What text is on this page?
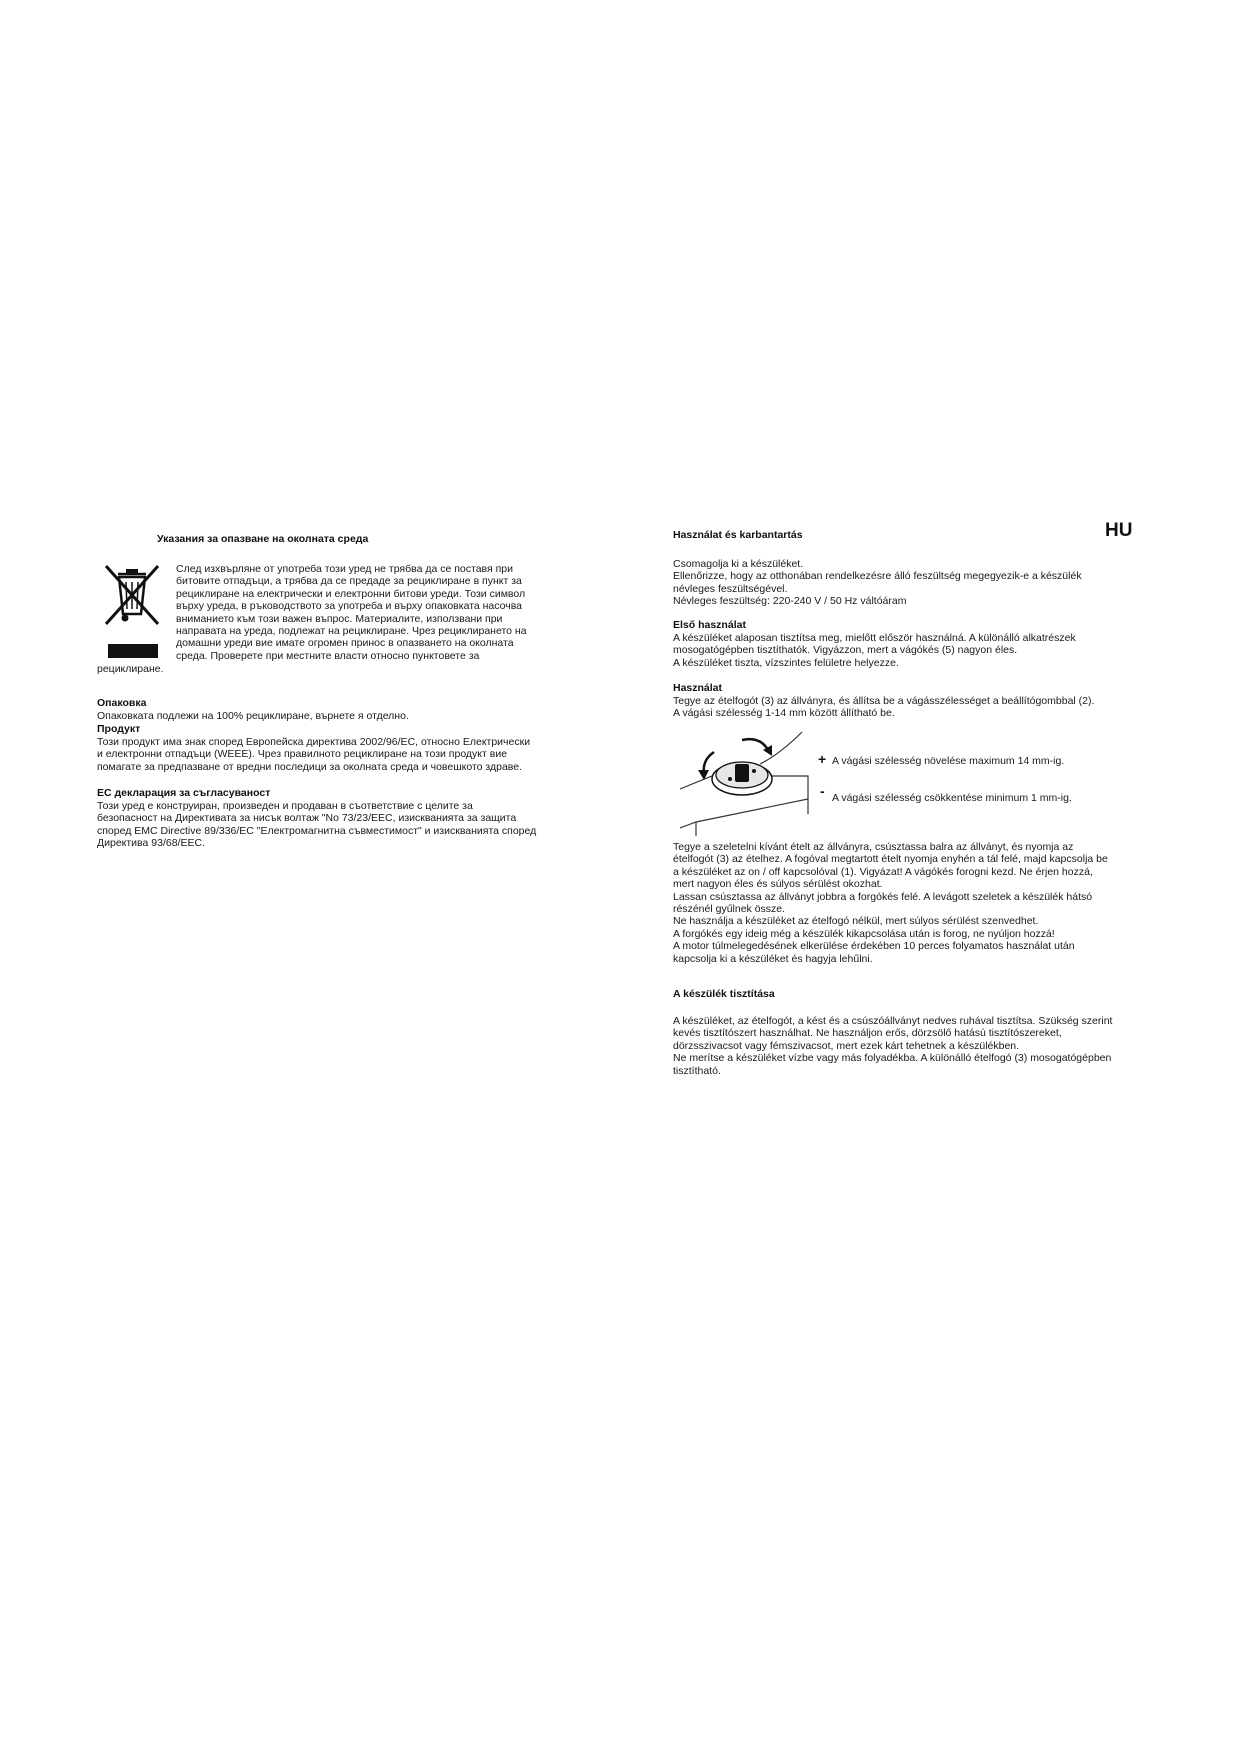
Указания за опазване на околната среда

След изхвърляне от употреба този уред не трябва да се поставя при
битовите отпадъци, а трябва да се предаде за рециклиране в пункт за
рециклиране на електрически и електронни битови уреди. Този символ
върху уреда, в ръководството за употреба и върху опаковката насочва
вниманието към този важен въпрос. Материалите, използвани при
направата на уреда, подлежат на рециклиране. Чрез рециклирането на
домашни уреди вие имате огромен принос в опазването на околната
среда. Проверете при местните власти относно пунктовете за

рециклиране.

Опаковка

Опаковката подлежи на 100% рециклиране, върнете я отделно.

Продукт

Този продукт има знак според Европейска директива 2002/96/EC, относно Електрически
и електронни отпадъци (WEEE). Чрез правилното рециклиране на този продукт вие
помагате за предпазване от вредни последици за околната среда и човешкото здраве.

ЕС декларация за съгласуваност

Този уред е конструиран, произведен и продаван в съответствие с целите за
безопасност на Директивата за нисък волтаж "No 73/23/EEC, изискванията за защита
според EMC Directive 89/336/EC "Електромагнитна съвместимост" и изискванията според
Директива 93/68/EEC.

Használat és karbantartás	HU

Csomagolja ki a készüléket.
Ellenőrizze, hogy az otthonában rendelkezésre álló feszültség megegyezik-e a készülék
névleges feszültségével.
Névleges feszültség: 220-240 V / 50 Hz váltóáram

Első használat

A készüléket alaposan tisztítsa meg, mielőtt először használná. A különálló alkatrészek
mosogatógépben tisztíthatók. Vigyázzon, mert a vágókés (5) nagyon éles.
A készüléket tiszta, vízszintes felületre helyezze.

Használat

Tegye az ételfogót (3) az állványra, és állítsa be a vágásszélességet a beállítógombbal (2).
A vágási szélesség 1-14 mm között állítható be.

+ A vágási szélesség növelése maximum 14 mm-ig.

- A vágási szélesség csökkentése minimum 1 mm-ig.

Tegye a szeletelni kívánt ételt az állványra, csúsztassa balra az állványt, és nyomja az
ételfogót (3) az ételhez. A fogóval megtartott ételt nyomja enyhén a tál felé, majd kapcsolja be
a készüléket az on / off kapcsolóval (1). Vigyázat! A vágókés forogni kezd. Ne érjen hozzá,
mert nagyon éles és súlyos sérülést okozhat.
Lassan csúsztassa az állványt jobbra a forgókés felé. A levágott szeletek a készülék hátsó
részénél gyűlnek össze.
Ne használja a készüléket az ételfogó nélkül, mert súlyos sérülést szenvedhet.
A forgókés egy ideig még a készülék kikapcsolása után is forog, ne nyúljon hozzá!
A motor túlmelegedésének elkerülése érdekében 10 perces folyamatos használat után
kapcsolja ki a készüléket és hagyja lehűlni.

A készülék tisztítása

A készüléket, az ételfogót, a kést és a csúszóállványt nedves ruhával tisztítsa. Szükség szerint
kevés tisztítószert használhat. Ne használjon erős, dörzsölő hatású tisztítószereket,
dörzsszivacsot vagy fémszivacsot, mert ezek kárt tehetnek a készülékben.
Ne merítse a készüléket vízbe vagy más folyadékba. A különálló ételfogó (3) mosogatógépben
tisztítható.
